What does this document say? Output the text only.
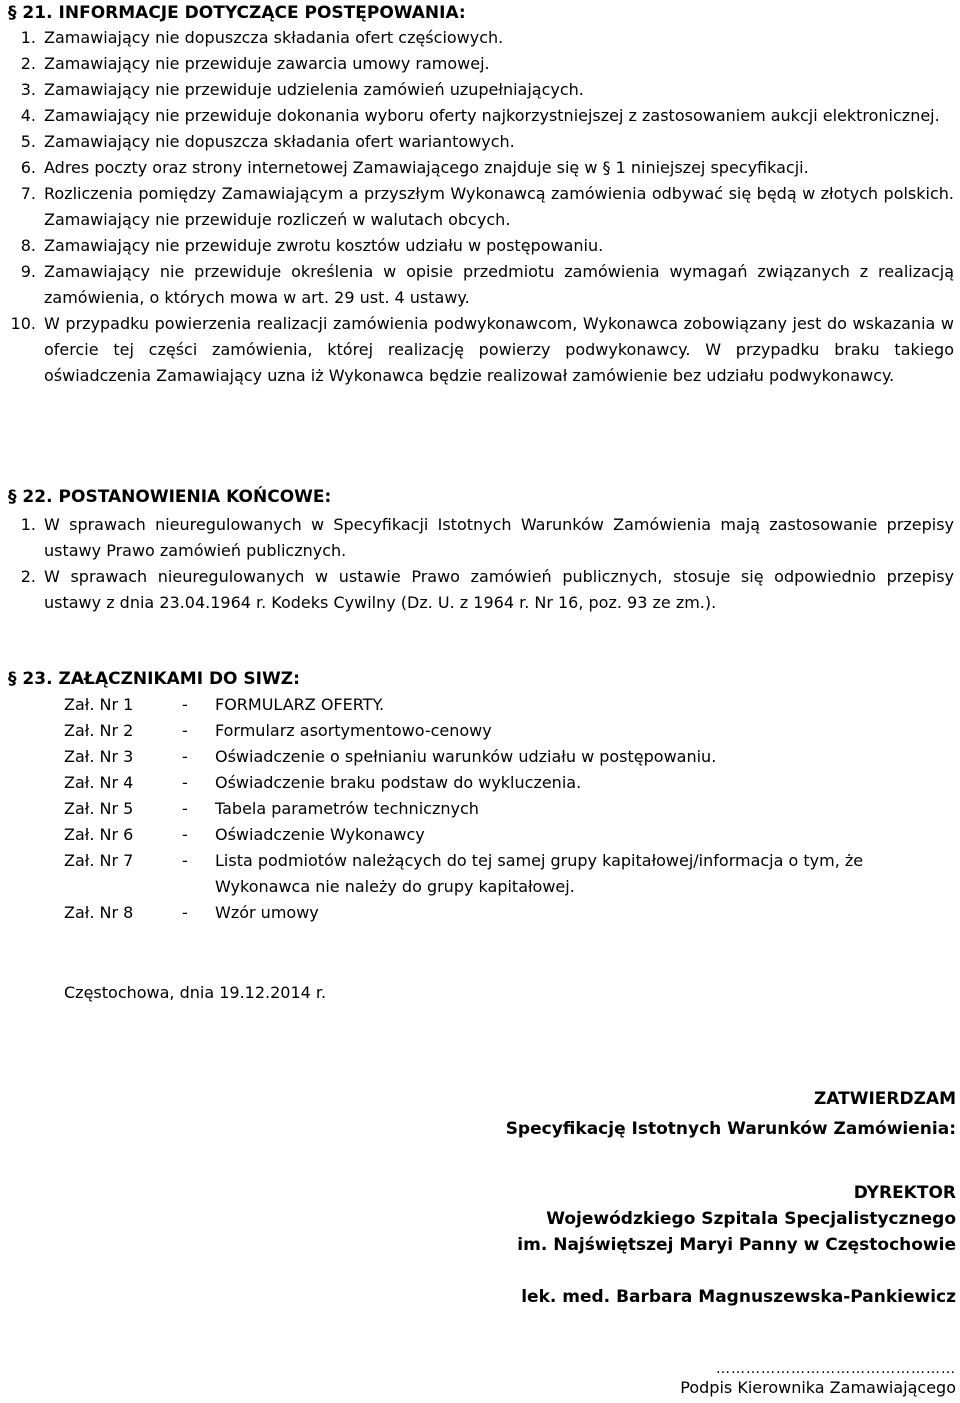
§ 21. INFORMACJE DOTYCZĄCE POSTĘPOWANIA:
1. Zamawiający nie dopuszcza składania ofert częściowych.
2. Zamawiający nie przewiduje zawarcia umowy ramowej.
3. Zamawiający nie przewiduje udzielenia zamówień uzupełniających.
4. Zamawiający nie przewiduje dokonania wyboru oferty najkorzystniejszej z zastosowaniem aukcji elektronicznej.
5. Zamawiający nie dopuszcza składania ofert wariantowych.
6. Adres poczty oraz strony internetowej Zamawiającego znajduje się w § 1 niniejszej specyfikacji.
7. Rozliczenia pomiędzy Zamawiającym a przyszłym Wykonawcą zamówienia odbywać się będą w złotych polskich. Zamawiający nie przewiduje rozliczeń w walutach obcych.
8. Zamawiający nie przewiduje zwrotu kosztów udziału w postępowaniu.
9. Zamawiający nie przewiduje określenia w opisie przedmiotu zamówienia wymagań związanych z realizacją zamówienia, o których mowa w art. 29 ust. 4 ustawy.
10. W przypadku powierzenia realizacji zamówienia podwykonawcom, Wykonawca zobowiązany jest do wskazania w ofercie tej części zamówienia, której realizację powierzy podwykonawcy. W przypadku braku takiego oświadczenia Zamawiający uzna iż Wykonawca będzie realizował zamówienie bez udziału podwykonawcy.
§ 22. POSTANOWIENIA KOŃCOWE:
1. W sprawach nieuregulowanych w Specyfikacji Istotnych Warunków Zamówienia mają zastosowanie przepisy ustawy Prawo zamówień publicznych.
2. W sprawach nieuregulowanych w ustawie Prawo zamówień publicznych, stosuje się odpowiednio przepisy ustawy z dnia 23.04.1964 r. Kodeks Cywilny (Dz. U. z 1964 r. Nr 16, poz. 93 ze zm.).
§ 23. ZAŁĄCZNIKAMI DO SIWZ:
Zał. Nr 1	-	FORMULARZ OFERTY.
Zał. Nr 2	-	Formularz asortymentowo-cenowy
Zał. Nr 3	-	Oświadczenie o spełnianiu warunków udziału w postępowaniu.
Zał. Nr 4	-	Oświadczenie braku podstaw do wykluczenia.
Zał. Nr 5	-	Tabela parametrów technicznych
Zał. Nr 6	-	Oświadczenie Wykonawcy
Zał. Nr 7	-	Lista podmiotów należących do tej samej grupy kapitałowej/informacja o tym, że Wykonawca nie należy do grupy kapitałowej.
Zał. Nr 8	-	Wzór umowy
Częstochowa, dnia 19.12.2014 r.
ZATWIERDZAM
Specyfikację Istotnych Warunków Zamówienia:
DYREKTOR
Wojewódzkiego Szpitala Specjalistycznego
im. Najświętszej Maryi Panny w Częstochowie
lek. med. Barbara Magnuszewska-Pankiewicz
…………………………………………
Podpis Kierownika Zamawiającego
